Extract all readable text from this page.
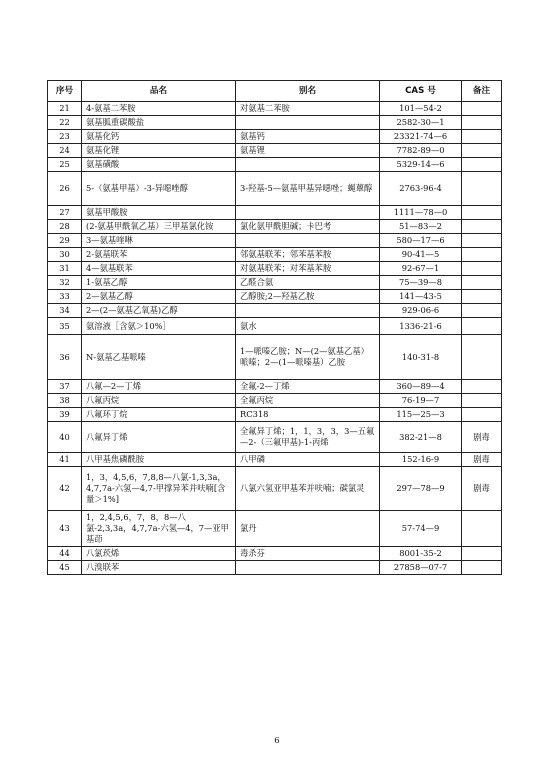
序号	品名	别名	CAS 号	备注
21	4-氨基二苯胺	对氨基二苯胺	101—54-2	
22	氨基胍重碳酸盐		2582-30—1	
23	氨基化钙	氨基钙	23321-74—6	
24	氨基化锂	氨基锂	7782-89—0	
25	氨基磺酸		5329-14—6	
26	5-（氨基甲基）-3-异噁唑醇	3-羟基-5—氨基甲基异噁唑；蝇蕈醇	2763-96-4	
27	氨基甲酸胺		1111—78—0	
28	(2-氨基甲酰氧乙基）三甲基氯化铵	氯化氨甲酰胆碱；卡巴考	51—83—2	
29	3—氨基喹啉		580—17—6	
30	2-氨基联苯	邻氨基联苯；邻苯基苯胺	90-41—5	
31	4—氨基联苯	对氨基联苯；对苯基苯胺	92-67—1	
32	1-氨基乙醇	乙醛合氨	75—39—8	
33	2—氨基乙醇	乙醇胺;2—羟基乙胺	141—43-5	
34	2—(2—氨基乙氧基)乙醇		929-06-6	
35	氨溶液［含氨＞10%］	氨水	1336-21-6	
36	N-氨基乙基哌嗪	1—哌嗪乙胺；N—(2—氨基乙基）哌嗪；2—(1—哌嗪基）乙胺	140-31-8	
37	八氟—2—丁烯	全氟-2—丁烯	360—89—4	
38	八氟丙烷	全氟丙烷	76-19—7	
39	八氟环丁烷	RC318	115—25—3	
40	八氟异丁烯	全氟异丁烯；1，1，3，3，3—五氟—2-（三氟甲基)-1-丙烯	382-21—8	剧毒
41	八甲基焦磷酰胺	八甲磷	152-16-9	剧毒
42	1，3，4,5,6，7,8,8—八氯-1,3,3a，4,7,7a-六氢—4,7-甲撑异苯并呋喃[含量＞1%]	八氯六氢亚甲基苯并呋喃；碳氯灵	297—78—9	剧毒
43	1，2,4,5,6，7，8，8—八氯-2,3,3a，4,7,7a-六氢—4，7—亚甲基茚	氯丹	57-74—9	
44	八氯莰烯	毒杀芬	8001-35-2	
45	八溴联苯		27858—07-7	
6
